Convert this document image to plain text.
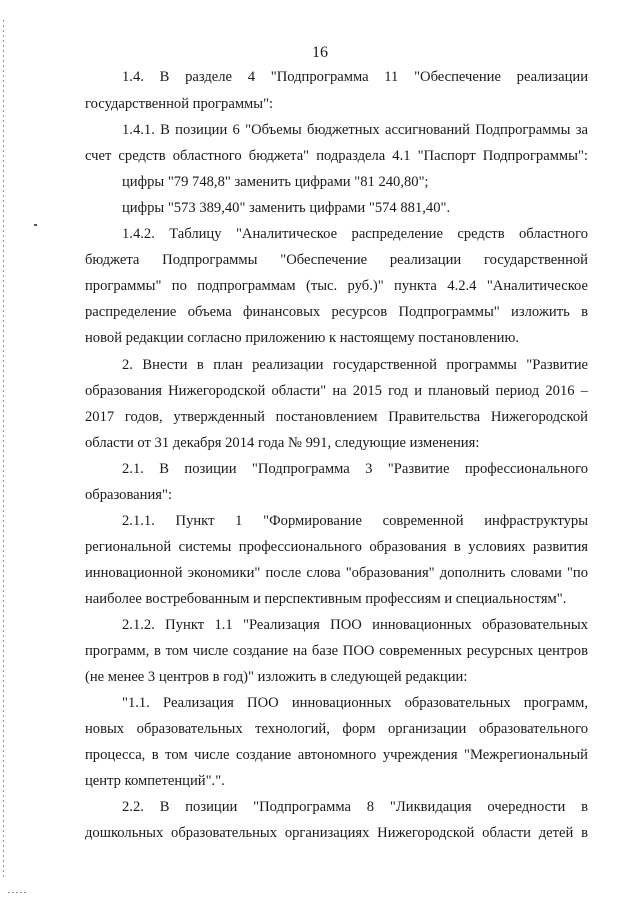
16
1.4. В разделе 4 "Подпрограмма 11 "Обеспечение реализации
государственной программы":
1.4.1. В позиции 6 "Объемы бюджетных ассигнований Подпрограммы за
счет средств областного бюджета" подраздела 4.1 "Паспорт Подпрограммы":
цифры "79 748,8" заменить цифрами "81 240,80";
цифры "573 389,40" заменить цифрами "574 881,40".
1.4.2. Таблицу "Аналитическое распределение средств областного
бюджета Подпрограммы "Обеспечение реализации государственной
программы" по подпрограммам (тыс. руб.)" пункта 4.2.4 "Аналитическое
распределение объема финансовых ресурсов Подпрограммы" изложить в
новой редакции согласно приложению к настоящему постановлению.
2. Внести в план реализации государственной программы "Развитие
образования Нижегородской области" на 2015 год и плановый период 2016 –
2017 годов, утвержденный постановлением Правительства Нижегородской
области от 31 декабря 2014 года № 991, следующие изменения:
2.1. В позиции "Подпрограмма 3 "Развитие профессионального
образования":
2.1.1. Пункт 1 "Формирование современной инфраструктуры
региональной системы профессионального образования в условиях развития
инновационной экономики" после слова "образования" дополнить словами "по
наиболее востребованным и перспективным профессиям и специальностям".
2.1.2. Пункт 1.1 "Реализация ПОО инновационных образовательных
программ, в том числе создание на базе ПОО современных ресурсных центров
(не менее 3 центров в год)" изложить в следующей редакции:
"1.1. Реализация ПОО инновационных образовательных программ,
новых образовательных технологий, форм организации образовательного
процесса, в том числе создание автономного учреждения "Межрегиональный
центр компетенций".".
2.2. В позиции "Подпрограмма 8 "Ликвидация очередности в
дошкольных образовательных организациях Нижегородской области детей в
